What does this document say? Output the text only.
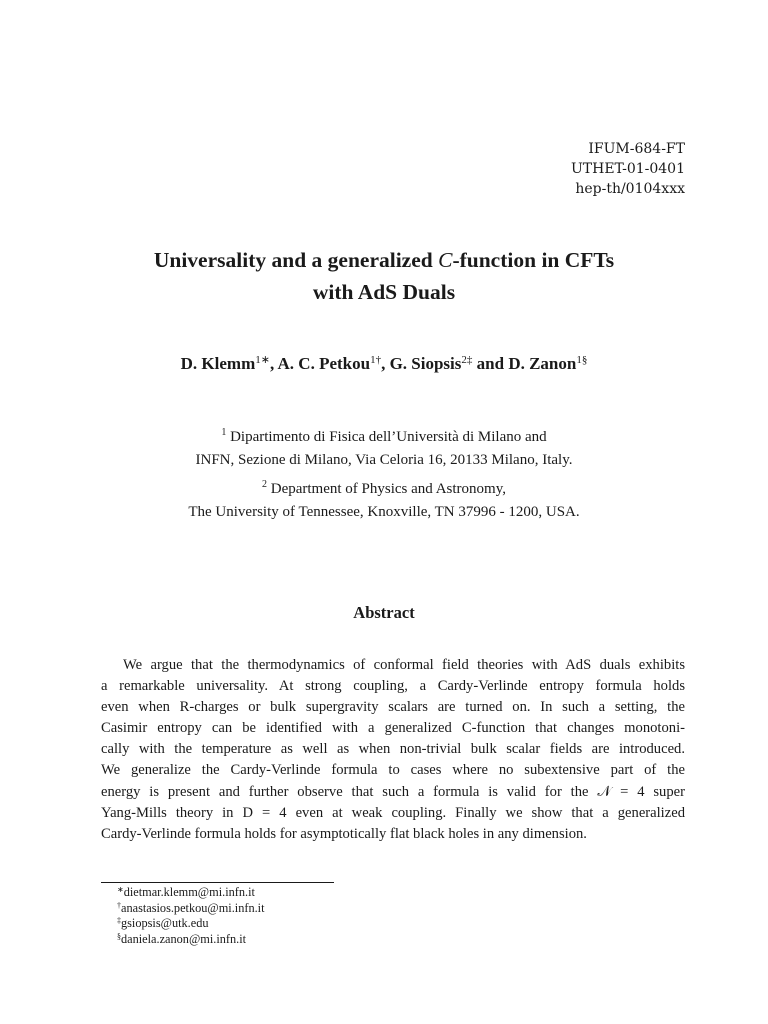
IFUM-684-FT
UTHET-01-0401
hep-th/0104xxx
Universality and a generalized C-function in CFTs
with AdS Duals
D. Klemm$^{1∗}$, A. C. Petkou$^{1\dagger}$, G. Siopsis$^{2\ddagger}$ and D. Zanon$^{1\S}$
$^1$ Dipartimento di Fisica dell’Università di Milano and
INFN, Sezione di Milano, Via Celoria 16, 20133 Milano, Italy.
$^2$ Department of Physics and Astronomy,
The University of Tennessee, Knoxville, TN 37996 - 1200, USA.
Abstract
We argue that the thermodynamics of conformal field theories with AdS duals exhibits
a remarkable universality. At strong coupling, a Cardy-Verlinde entropy formula holds
even when R-charges or bulk supergravity scalars are turned on. In such a setting, the
Casimir entropy can be identified with a generalized C-function that changes monotoni-
cally with the temperature as well as when non-trivial bulk scalar fields are introduced.
We generalize the Cardy-Verlinde formula to cases where no subextensive part of the
energy is present and further observe that such a formula is valid for the 𝒩 = 4 super
Yang-Mills theory in D = 4 even at weak coupling. Finally we show that a generalized
Cardy-Verlinde formula holds for asymptotically flat black holes in any dimension.
∗dietmar.klemm@mi.infn.it
†anastasios.petkou@mi.infn.it
‡gsiopsis@utk.edu
§daniela.zanon@mi.infn.it
